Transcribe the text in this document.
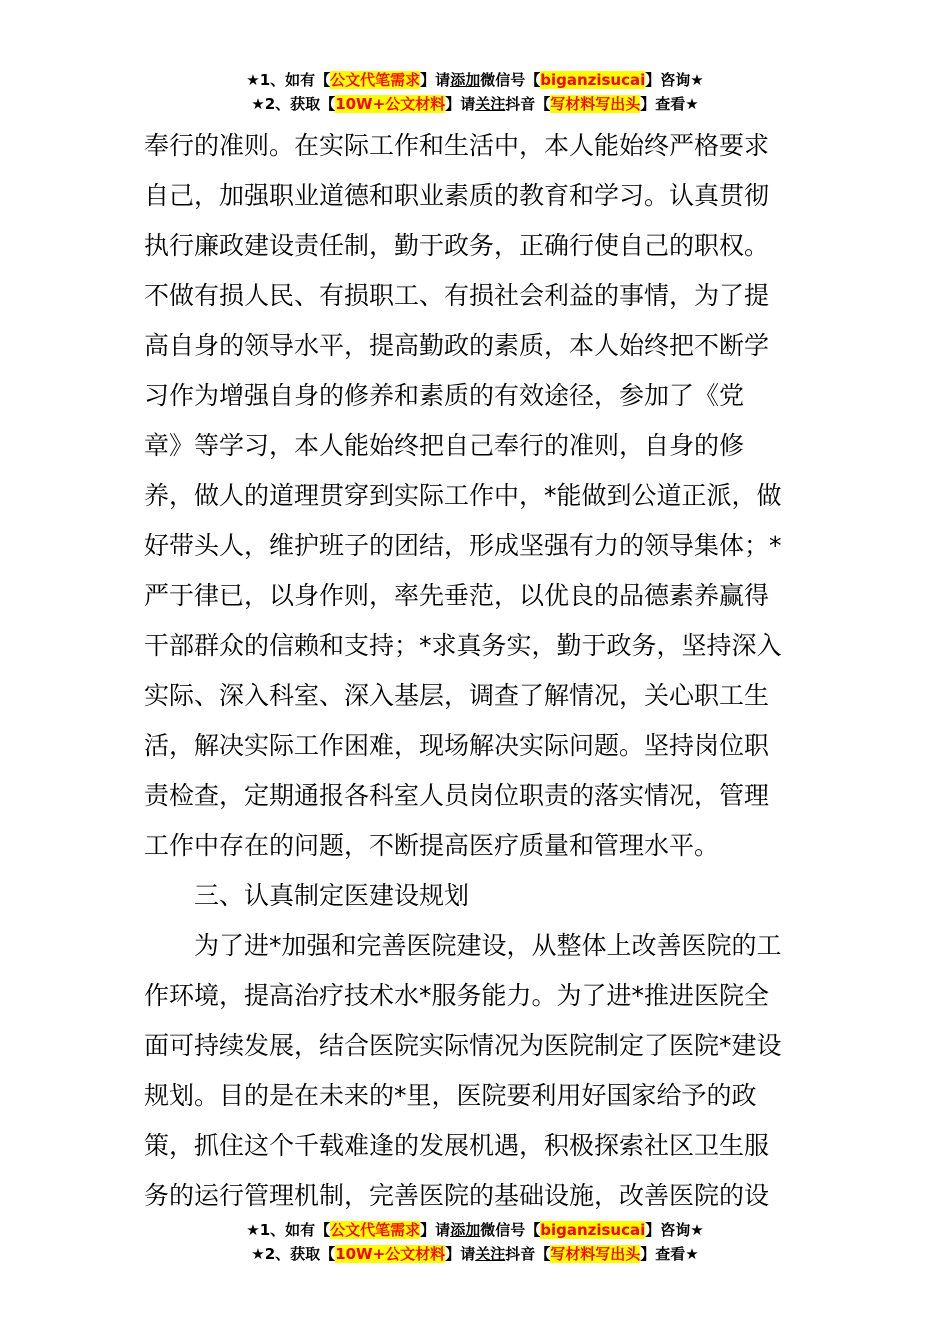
★1、如有【公文代笔需求】请添加微信号【biganzisucai】咨询★
★2、获取【10W+公文材料】请关注抖音【写材料写出头】查看★

奉行的准则。在实际工作和生活中，本人能始终严格要求

自己，加强职业道德和职业素质的教育和学习。认真贯彻

执行廉政建设责任制，勤于政务，正确行使自己的职权。

不做有损人民、有损职工、有损社会利益的事情，为了提

高自身的领导水平，提高勤政的素质，本人始终把不断学

习作为增强自身的修养和素质的有效途径，参加了《党

章》等学习，本人能始终把自己奉行的准则，自身的修

养，做人的道理贯穿到实际工作中，*能做到公道正派，做

好带头人，维护班子的团结，形成坚强有力的领导集体；*

严于律已，以身作则，率先垂范，以优良的品德素养赢得

干部群众的信赖和支持；*求真务实，勤于政务，坚持深入

实际、深入科室、深入基层，调查了解情况，关心职工生

活，解决实际工作困难，现场解决实际问题。坚持岗位职

责检查，定期通报各科室人员岗位职责的落实情况，管理

工作中存在的问题，不断提高医疗质量和管理水平。

三、认真制定医建设规划

为了进*加强和完善医院建设，从整体上改善医院的工

作环境，提高治疗技术水*服务能力。为了进*推进医院全

面可持续发展，结合医院实际情况为医院制定了医院*建设

规划。目的是在未来的*里，医院要利用好国家给予的政

策，抓住这个千载难逢的发展机遇，积极探索社区卫生服

务的运行管理机制，完善医院的基础设施，改善医院的设

★1、如有【公文代笔需求】请添加微信号【biganzisucai】咨询★
★2、获取【10W+公文材料】请关注抖音【写材料写出头】查看★
